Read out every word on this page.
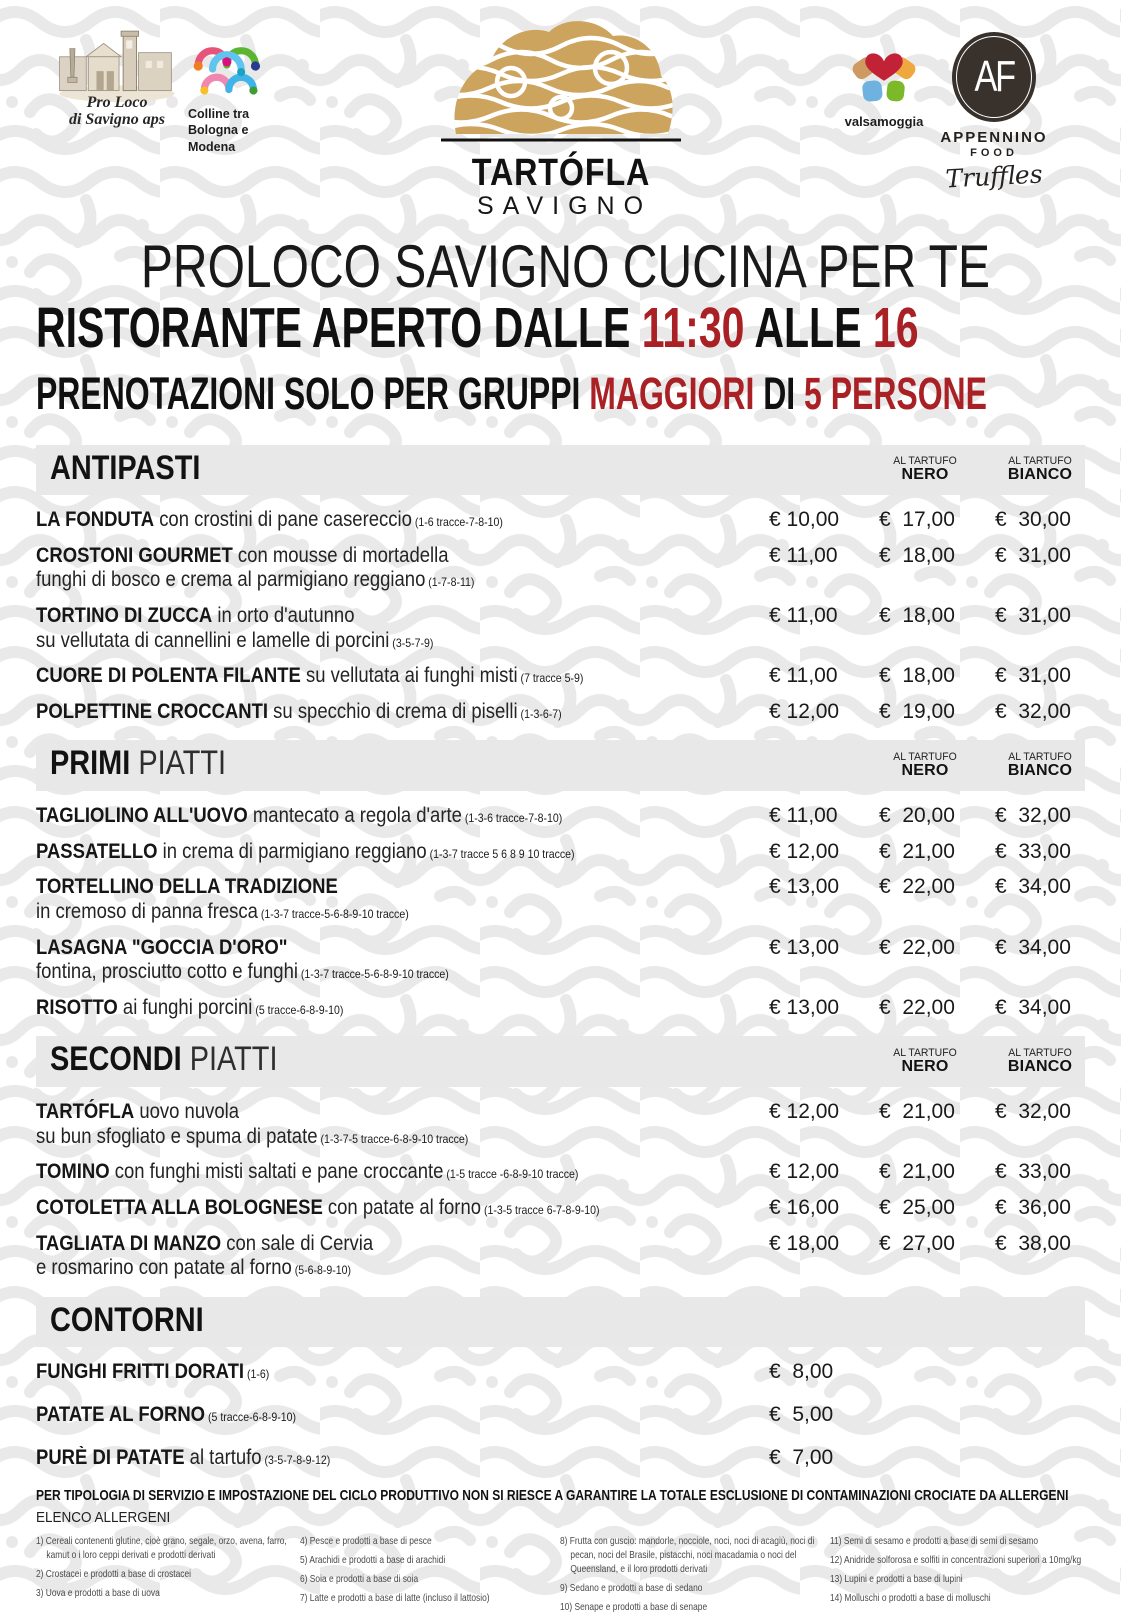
Pro Loco
di Savigno aps	Colline tra
Bologna e
Modena
TARTÓFLA
SAVIGNO
valsamoggia
AF
APPENNINO
FOOD
Truffles
PROLOCO SAVIGNO CUCINA PER TE
RISTORANTE APERTO DALLE 11:30 ALLE 16
PRENOTAZIONI SOLO PER GRUPPI MAGGIORI DI 5 PERSONE
ANTIPASTI	AL TARTUFO
NERO
AL TARTUFO
BIANCO
LA FONDUTA con crostini di pane casereccio (1-6 tracce-7-8-10)	€ 10,00	€  17,00	€  30,00
CROSTONI GOURMET con mousse di mortadella
funghi di bosco e crema al parmigiano reggiano (1-7-8-11)
€ 11,00	€  18,00	€  31,00
TORTINO DI ZUCCA in orto d'autunno
su vellutata di cannellini e lamelle di porcini (3-5-7-9)
€ 11,00	€  18,00	€  31,00
CUORE DI POLENTA FILANTE su vellutata ai funghi misti (7 tracce 5-9)	€ 11,00	€  18,00	€  31,00
POLPETTINE CROCCANTI su specchio di crema di piselli (1-3-6-7)	€ 12,00	€  19,00	€  32,00
PRIMI PIATTI	AL TARTUFO
NERO
AL TARTUFO
BIANCO
TAGLIOLINO ALL'UOVO mantecato a regola d'arte (1-3-6 tracce-7-8-10)	€ 11,00	€  20,00	€  32,00
PASSATELLO in crema di parmigiano reggiano (1-3-7 tracce 5 6 8 9 10 tracce)	€ 12,00	€  21,00	€  33,00
TORTELLINO DELLA TRADIZIONE
in cremoso di panna fresca (1-3-7 tracce-5-6-8-9-10 tracce)
€ 13,00	€  22,00	€  34,00
LASAGNA "GOCCIA D'ORO"
fontina, prosciutto cotto e funghi (1-3-7 tracce-5-6-8-9-10 tracce)
€ 13,00	€  22,00	€  34,00
RISOTTO ai funghi porcini (5 tracce-6-8-9-10)	€ 13,00	€  22,00	€  34,00
SECONDI PIATTI	AL TARTUFO
NERO
AL TARTUFO
BIANCO
TARTÓFLA uovo nuvola
su bun sfogliato e spuma di patate (1-3-7-5 tracce-6-8-9-10 tracce)
€ 12,00	€  21,00	€  32,00
TOMINO con funghi misti saltati e pane croccante (1-5 tracce -6-8-9-10 tracce)	€ 12,00	€  21,00	€  33,00
COTOLETTA ALLA BOLOGNESE con patate al forno (1-3-5 tracce 6-7-8-9-10)	€ 16,00	€  25,00	€  36,00
TAGLIATA DI MANZO con sale di Cervia
e rosmarino con patate al forno (5-6-8-9-10)
€ 18,00	€  27,00	€  38,00
CONTORNI
FUNGHI FRITTI DORATI (1-6)	€  8,00
PATATE AL FORNO (5 tracce-6-8-9-10)	€  5,00
PURÈ DI PATATE al tartufo (3-5-7-8-9-12)	€  7,00
PER TIPOLOGIA DI SERVIZIO E IMPOSTAZIONE DEL CICLO PRODUTTIVO NON SI RIESCE A GARANTIRE LA TOTALE ESCLUSIONE DI CONTAMINAZIONI CROCIATE DA ALLERGENI
ELENCO ALLERGENI
1) Cereali contenenti glutine, cioè grano, segale, orzo, avena, farro, kamut o i loro ceppi derivati e prodotti derivati
2) Crostacei e prodotti a base di crostacei
3) Uova e prodotti a base di uova
4) Pesce e prodotti a base di pesce
5) Arachidi e prodotti a base di arachidi
6) Soia e prodotti a base di soia
7) Latte e prodotti a base di latte (incluso il lattosio)
8) Frutta con guscio: mandorle, nocciole, noci, noci di acagiù, noci di pecan, noci del Brasile, pistacchi, noci macadamia o noci del Queensland, e il loro prodotti derivati
9) Sedano e prodotti a base di sedano
10) Senape e prodotti a base di senape
11) Semi di sesamo e prodotti a base di semi di sesamo
12) Anidride solforosa e solfiti in concentrazioni superiori a 10mg/kg
13) Lupini e prodotti a base di lupini
14) Molluschi o prodotti a base di molluschi
